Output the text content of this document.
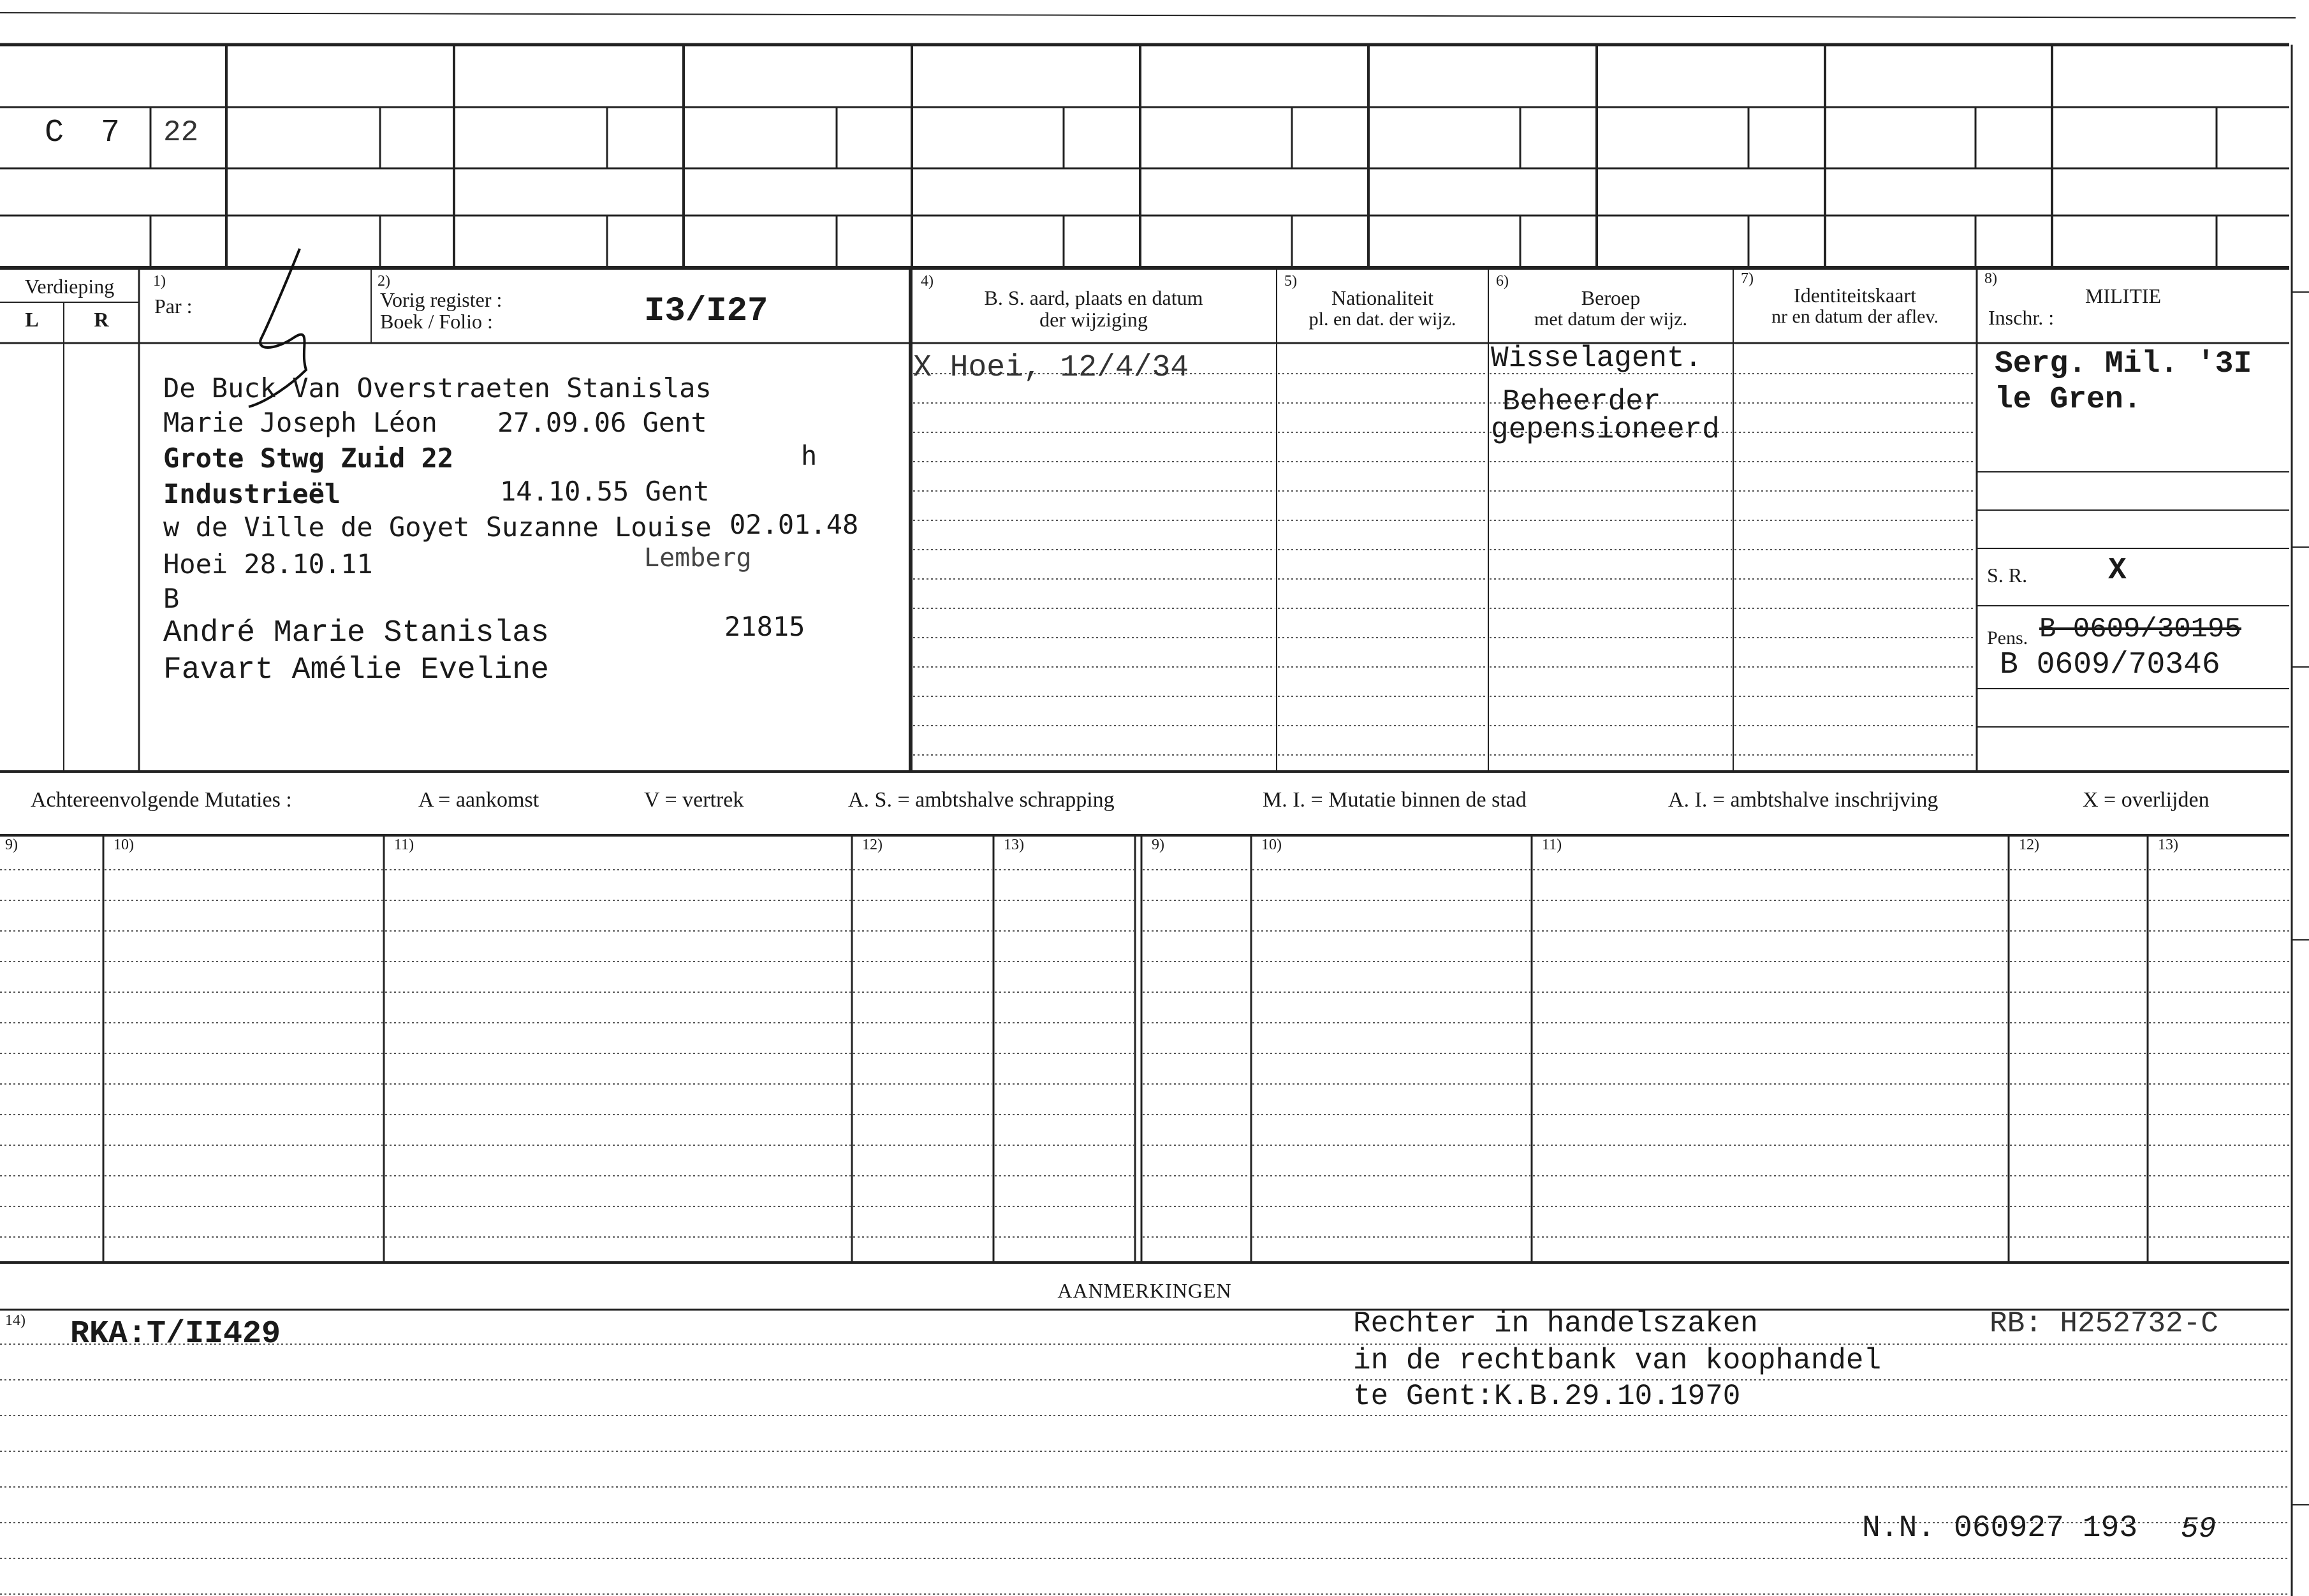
C 7 22
Verdieping
L	R
1)
Par :
2)
Vorig register :
Boek / Folio :	I3/I27
4)
B. S. aard, plaats en datum
der wijziging
5)
Nationaliteit
pl. en dat. der wijz.
6)
Beroep
met datum der wijz.
7)
Identiteitskaart
nr en datum der aflev.
8)
MILITIE
Inschr. :
De Buck Van Overstraeten Stanislas
Marie Joseph Léon 27.09.06 Gent
Grote Stwg Zuid 22	h
Industrieël	14.10.55 Gent
w de Ville de Goyet Suzanne Louise 02.01.48
Hoei 28.10.11	Lemberg
B
André Marie Stanislas	21815
Favart Amélie Eveline
X Hoei, 12/4/34	Wisselagent.
Beheerder
gepensioneerd
Serg. Mil. '3I
le Gren.
S. R.	X
Pens. B 0609/30195
B 0609/70346
Achtereenvolgende Mutaties :	A = aankomst	V = vertrek	A. S. = ambtshalve schrapping	M. I. = Mutatie binnen de stad	A. I. = ambtshalve inschrijving	X = overlijden
9)	10)	11)	12)	13)	9)	10)	11)	12)	13)
AANMERKINGEN
14) RKA:T/II429	Rechter in handelszaken
in de rechtbank van koophandel
te Gent:K.B.29.10.1970
RB: H252732-C
N.N. 060927 193 59
